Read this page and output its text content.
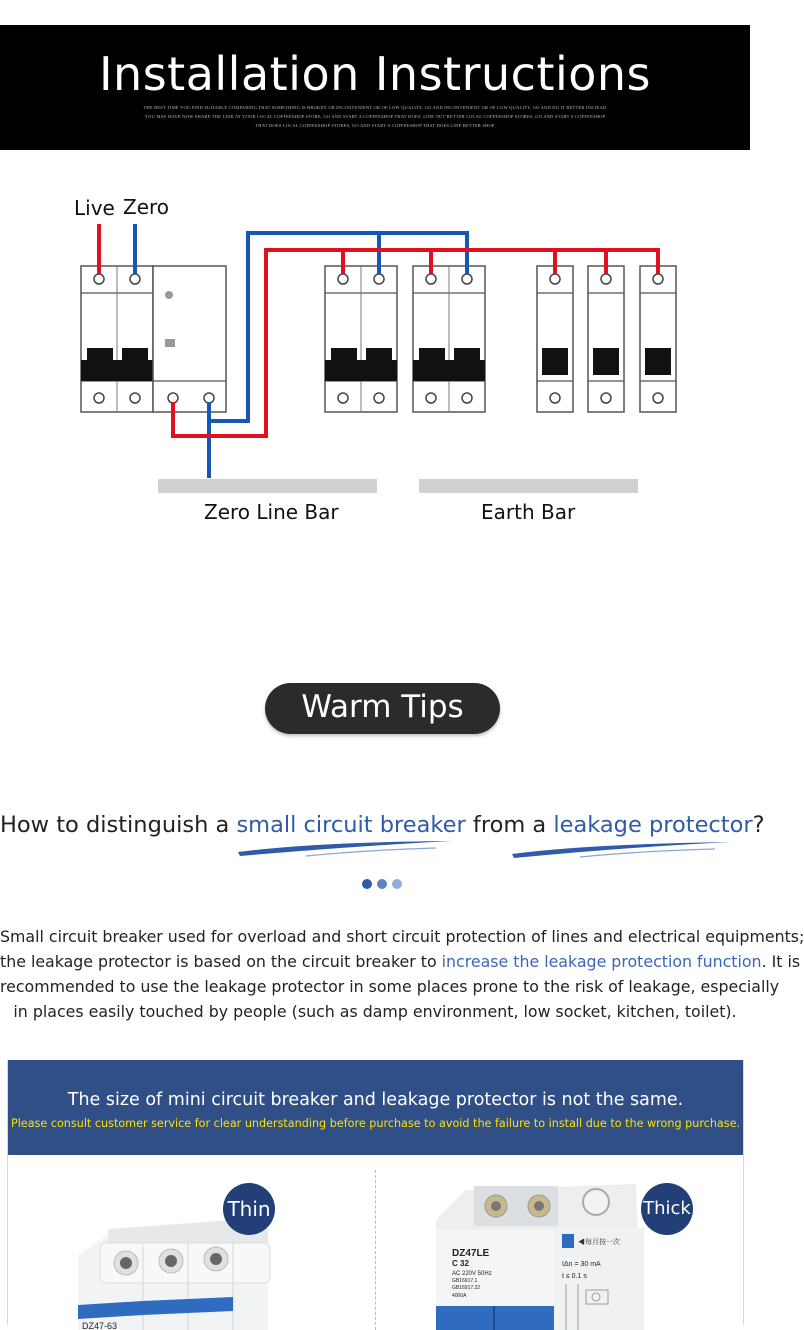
Installation Instructions
THE BEST TIME YOU FIND SUITABLE COMPARING THAT SOMETHING IS BROKEN OR INCONVENIENT OR OF LOW QUALITY, GO AND INCONVENIENT OR OF LOW QUALITY, GO AND DO IT BETTER INSTEAD YOU MAY HAVE NOW SHARE THE LINK AT YOUR LOCAL COFFEESHOP STORE, GO AND START A COFFEESHOP THAT DOES, LINE OUT BETTER LOCAL COFFEESHOP STORES, GO AND START A COFFEESHOP THAT DOES LOCAL COFFEESHOP STORES, GO AND START A COFFEESHOP THAT DOES LINE BETTER SHOP
Live Zero
Zero Line Bar	Earth Bar
Warm Tips
How to distinguish a small circuit breaker from a leakage protector?
Small circuit breaker used for overload and short circuit protection of lines and electrical equipments;
the leakage protector is based on the circuit breaker to increase the leakage protection function. It is
recommended to use the leakage protector in some places prone to the risk of leakage, especially
in places easily touched by people (such as damp environment, low socket, kitchen, toilet).
The size of mini circuit breaker and leakage protector is not the same.
Please consult customer service for clear understanding before purchase to avoid the failure to install due to the wrong purchase.
DZ47-63
◀每月按一次
DZ47LE
C 32
AC 220V 50Hz
GB16917.1
GB16917.22
4000A
IΔn = 30 mA
t ≤ 0.1 s
Thin	Thick
